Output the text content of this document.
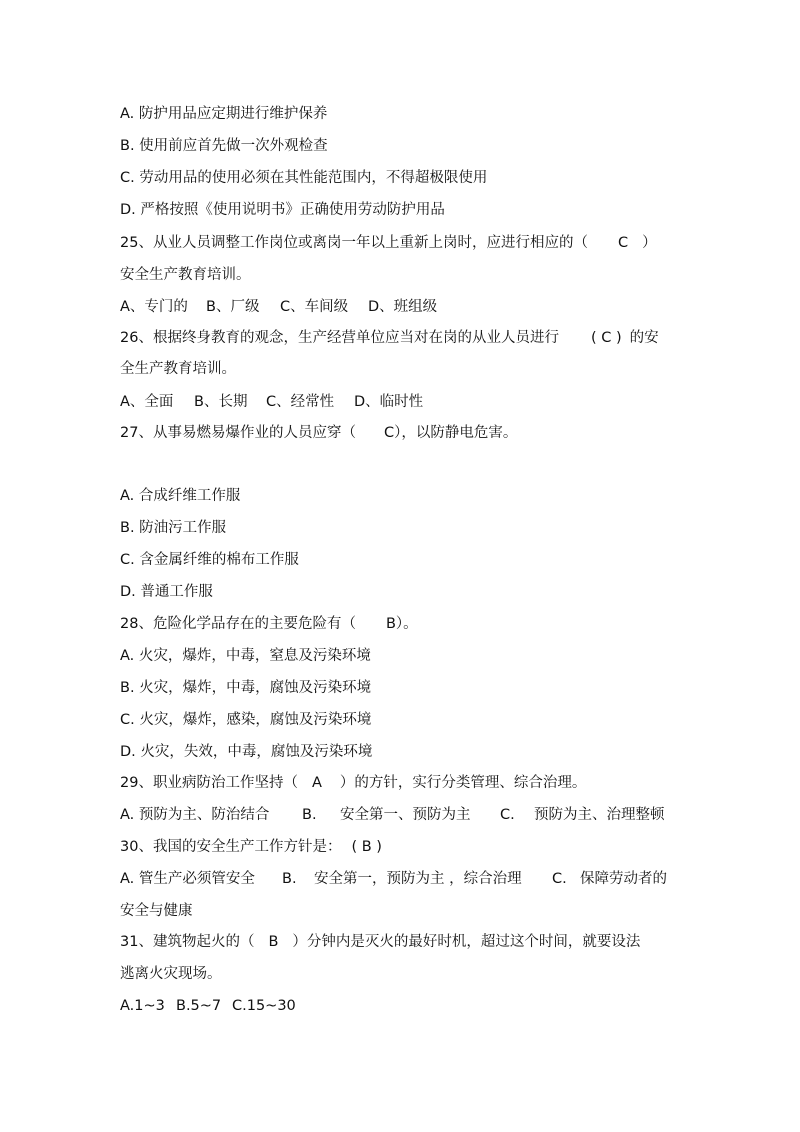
A. 防护用品应定期进行维护保养
B. 使用前应首先做一次外观检查
C. 劳动用品的使用必须在其性能范围内，不得超极限使用
D. 严格按照《使用说明书》正确使用劳动防护用品
25、从业人员调整工作岗位或离岗一年以上重新上岗时，应进行相应的（ C ）
安全生产教育培训。
A、专门的 B、厂级 C、车间级 D、班组级
26、根据终身教育的观念，生产经营单位应当对在岗的从业人员进行 ( C ) 的安
全生产教育培训。
A、全面 B、长期 C、经常性 D、临时性
27、从事易燃易爆作业的人员应穿（ C），以防静电危害。
A. 合成纤维工作服
B. 防油污工作服
C. 含金属纤维的棉布工作服
D. 普通工作服
28、危险化学品存在的主要危险有（ B）。
A. 火灾，爆炸，中毒，窒息及污染环境
B. 火灾，爆炸，中毒，腐蚀及污染环境
C. 火灾，爆炸，感染，腐蚀及污染环境
D. 火灾，失效，中毒，腐蚀及污染环境
29、职业病防治工作坚持（ A ）的方针，实行分类管理、综合治理。
A. 预防为主、防治结合 B. 安全第一、预防为主 C. 预防为主、治理整顿
30、我国的安全生产工作方针是： ( B )
A. 管生产必须管安全 B. 安全第一，预防为主 ，综合治理 C. 保障劳动者的
安全与健康
31、建筑物起火的（ B ）分钟内是灭火的最好时机，超过这个时间，就要设法
逃离火灾现场。
A.1~3 B.5~7 C.15~30
